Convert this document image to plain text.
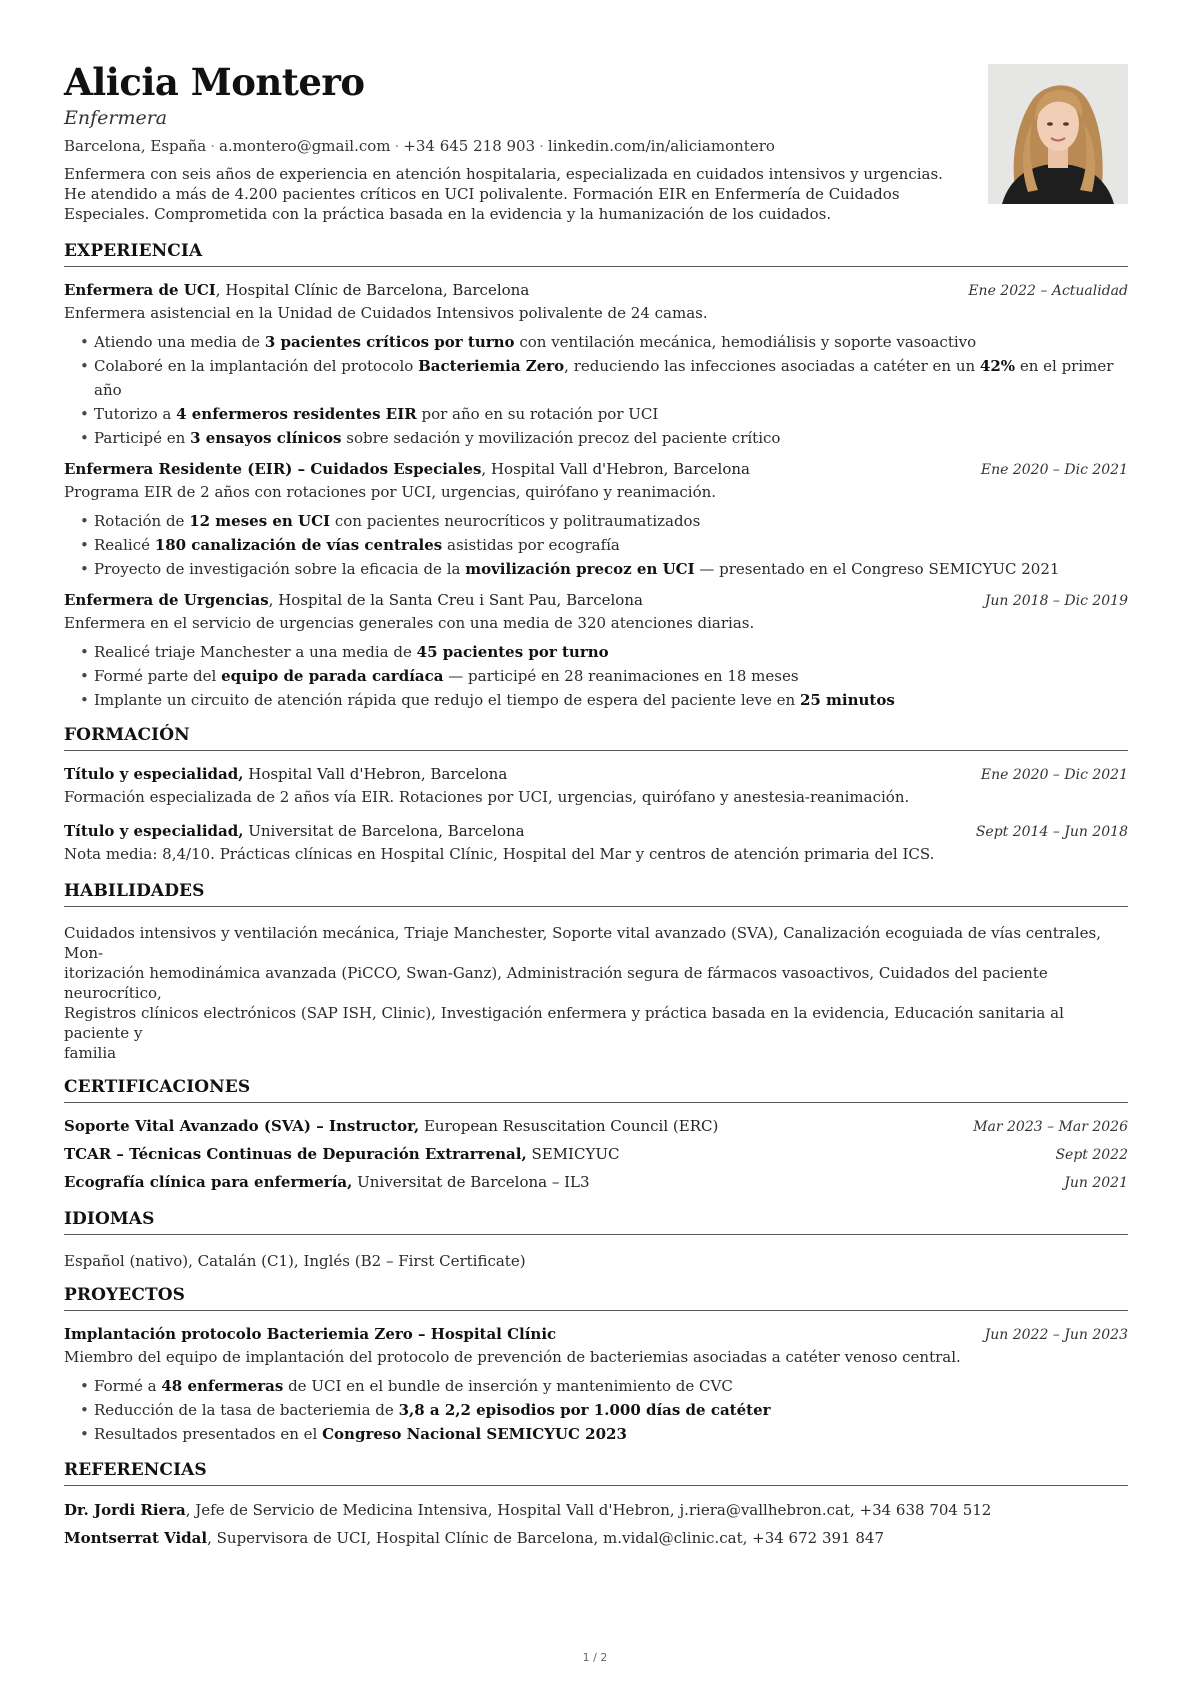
Alicia Montero
Enfermera
Barcelona, España · a.montero@gmail.com · +34 645 218 903 · linkedin.com/in/aliciamontero
Enfermera con seis años de experiencia en atención hospitalaria, especializada en cuidados intensivos y urgencias. He atendido a más de 4.200 pacientes críticos en UCI polivalente. Formación EIR en Enfermería de Cuidados Especiales. Comprometida con la práctica basada en la evidencia y la humanización de los cuidados.
EXPERIENCIA
Enfermera de UCI, Hospital Clínic de Barcelona, Barcelona	Ene 2022 – Actualidad
Enfermera asistencial en la Unidad de Cuidados Intensivos polivalente de 24 camas.
• Atiendo una media de 3 pacientes críticos por turno con ventilación mecánica, hemodiálisis y soporte vasoactivo
• Colaboré en la implantación del protocolo Bacteriemia Zero, reduciendo las infecciones asociadas a catéter en un 42% en el primer año
• Tutorizo a 4 enfermeros residentes EIR por año en su rotación por UCI
• Participé en 3 ensayos clínicos sobre sedación y movilización precoz del paciente crítico
Enfermera Residente (EIR) – Cuidados Especiales, Hospital Vall d'Hebron, Barcelona	Ene 2020 – Dic 2021
Programa EIR de 2 años con rotaciones por UCI, urgencias, quirófano y reanimación.
• Rotación de 12 meses en UCI con pacientes neurocríticos y politraumatizados
• Realicé 180 canalización de vías centrales asistidas por ecografía
• Proyecto de investigación sobre la eficacia de la movilización precoz en UCI — presentado en el Congreso SEMICYUC 2021
Enfermera de Urgencias, Hospital de la Santa Creu i Sant Pau, Barcelona	Jun 2018 – Dic 2019
Enfermera en el servicio de urgencias generales con una media de 320 atenciones diarias.
• Realicé triaje Manchester a una media de 45 pacientes por turno
• Formé parte del equipo de parada cardíaca — participé en 28 reanimaciones en 18 meses
• Implante un circuito de atención rápida que redujo el tiempo de espera del paciente leve en 25 minutos
FORMACIÓN
Título y especialidad, Hospital Vall d'Hebron, Barcelona	Ene 2020 – Dic 2021
Formación especializada de 2 años vía EIR. Rotaciones por UCI, urgencias, quirófano y anestesia-reanimación.
Título y especialidad, Universitat de Barcelona, Barcelona	Sept 2014 – Jun 2018
Nota media: 8,4/10. Prácticas clínicas en Hospital Clínic, Hospital del Mar y centros de atención primaria del ICS.
HABILIDADES
Cuidados intensivos y ventilación mecánica, Triaje Manchester, Soporte vital avanzado (SVA), Canalización ecoguiada de vías centrales, Mon-
itorización hemodinámica avanzada (PiCCO, Swan-Ganz), Administración segura de fármacos vasoactivos, Cuidados del paciente neurocrítico,
Registros clínicos electrónicos (SAP ISH, Clinic), Investigación enfermera y práctica basada en la evidencia, Educación sanitaria al paciente y
familia
CERTIFICACIONES
Soporte Vital Avanzado (SVA) – Instructor, European Resuscitation Council (ERC)	Mar 2023 – Mar 2026
TCAR – Técnicas Continuas de Depuración Extrarrenal, SEMICYUC	Sept 2022
Ecografía clínica para enfermería, Universitat de Barcelona – IL3	Jun 2021
IDIOMAS
Español (nativo), Catalán (C1), Inglés (B2 – First Certificate)
PROYECTOS
Implantación protocolo Bacteriemia Zero – Hospital Clínic	Jun 2022 – Jun 2023
Miembro del equipo de implantación del protocolo de prevención de bacteriemias asociadas a catéter venoso central.
• Formé a 48 enfermeras de UCI en el bundle de inserción y mantenimiento de CVC
• Reducción de la tasa de bacteriemia de 3,8 a 2,2 episodios por 1.000 días de catéter
• Resultados presentados en el Congreso Nacional SEMICYUC 2023
REFERENCIAS
Dr. Jordi Riera, Jefe de Servicio de Medicina Intensiva, Hospital Vall d'Hebron, j.riera@vallhebron.cat, +34 638 704 512
Montserrat Vidal, Supervisora de UCI, Hospital Clínic de Barcelona, m.vidal@clinic.cat, +34 672 391 847
1 / 2
